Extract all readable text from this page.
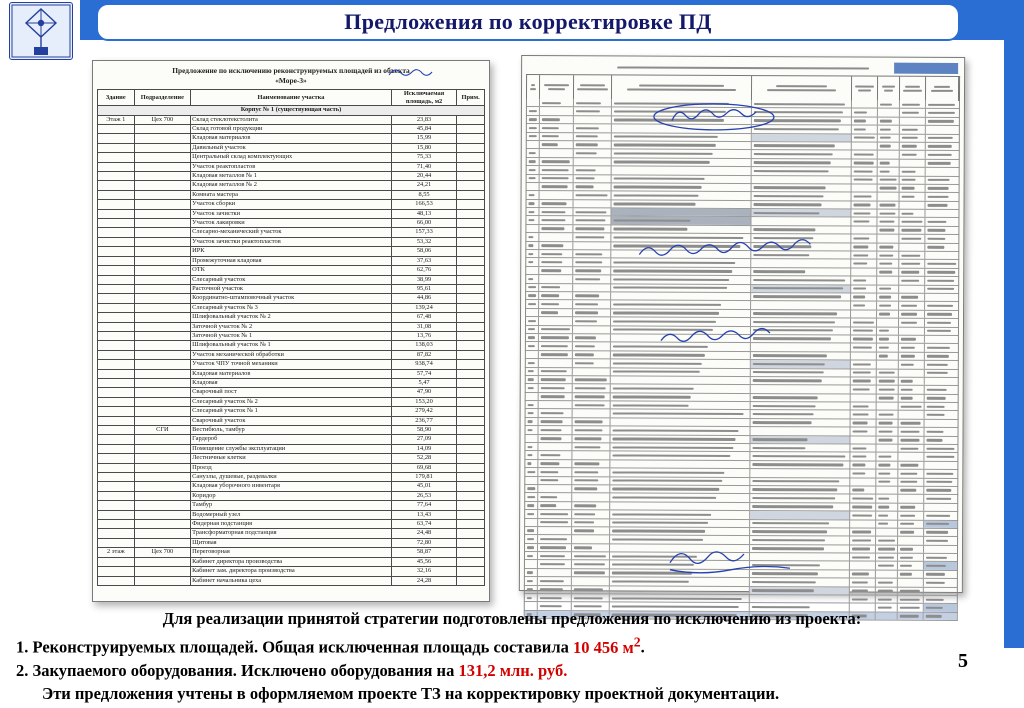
Предложения по корректировке ПД
Предложение по исключению реконструируемых площадей из объекта
«Море-3»
Здание	Подразделение	Наименование участка	Исключаемая площадь, м2	Прим.
Корпус № 1 (существующая часть)				
Этаж 1	Цех 700	Склад стеклотекстолита	23,83	
		Склад готовой продукции	45,84	
		Кладовая материалов	15,99	
		Давильный участок	15,80	
		Центральный склад комплектующих	75,33	
		Участок реактопластов	71,40	
		Кладовая металлов № 1	20,44	
		Кладовая металлов № 2	24,21	
		Комната мастера	8,55	
		Участок сборки	166,53	
		Участок зачистки	48,13	
		Участок лакировки	66,00	
		Слесарно-механический участок	157,33	
		Участок зачистки реактопластов	53,32	
		ИРК	58,06	
		Промежуточная кладовая	37,63	
		ОТК	62,76	
		Слесарный участок	38,99	
		Расточной участок	95,61	
		Координатно-штамповочный участок	44,86	
		Слесарный участок № 3	139,24	
		Шлифовальный участок № 2	67,48	
		Заточной участок № 2	31,08	
		Заточной участок № 1	13,76	
		Шлифовальный участок № 1	138,03	
		Участок механической обработки	87,82	
		Участок ЧПУ точной механики	938,74	
		Кладовая материалов	57,74	
		Кладовая	5,47	
		Сварочный пост	47,90	
		Слесарный участок № 2	153,20	
		Слесарный участок № 1	279,42	
		Сварочный участок	236,77	
	СГИ	Вестибюль, тамбур	58,90	
		Гардероб	27,09	
		Помещение службы эксплуатации	14,09	
		Лестничные клетки	52,28	
		Проезд	69,68	
		Санузлы, душевые, раздевалки	179,81	
		Кладовая уборочного инвентаря	45,01	
		Коридор	26,53	
		Тамбур	77,64	
		Водомерный узел	13,43	
		Фидерная подстанция	63,74	
		Трансформаторная подстанция	24,48	
		Щитовая	72,80	
2 этаж	Цех 700	Переговорная	58,87	
		Кабинет директора производства	45,56	
		Кабинет зам. директора производства	32,16	
		Кабинет начальника цеха	24,28	
Для реализации принятой стратегии подготовлены предложения по исключению из проекта:
1. Реконструируемых площадей. Общая исключенная площадь составила 10 456 $м^2$.
2. Закупаемого оборудования. Исключено оборудования на 131,2 млн. руб.
Эти предложения учтены в оформляемом проекте ТЗ на корректировку проектной документации.
5
